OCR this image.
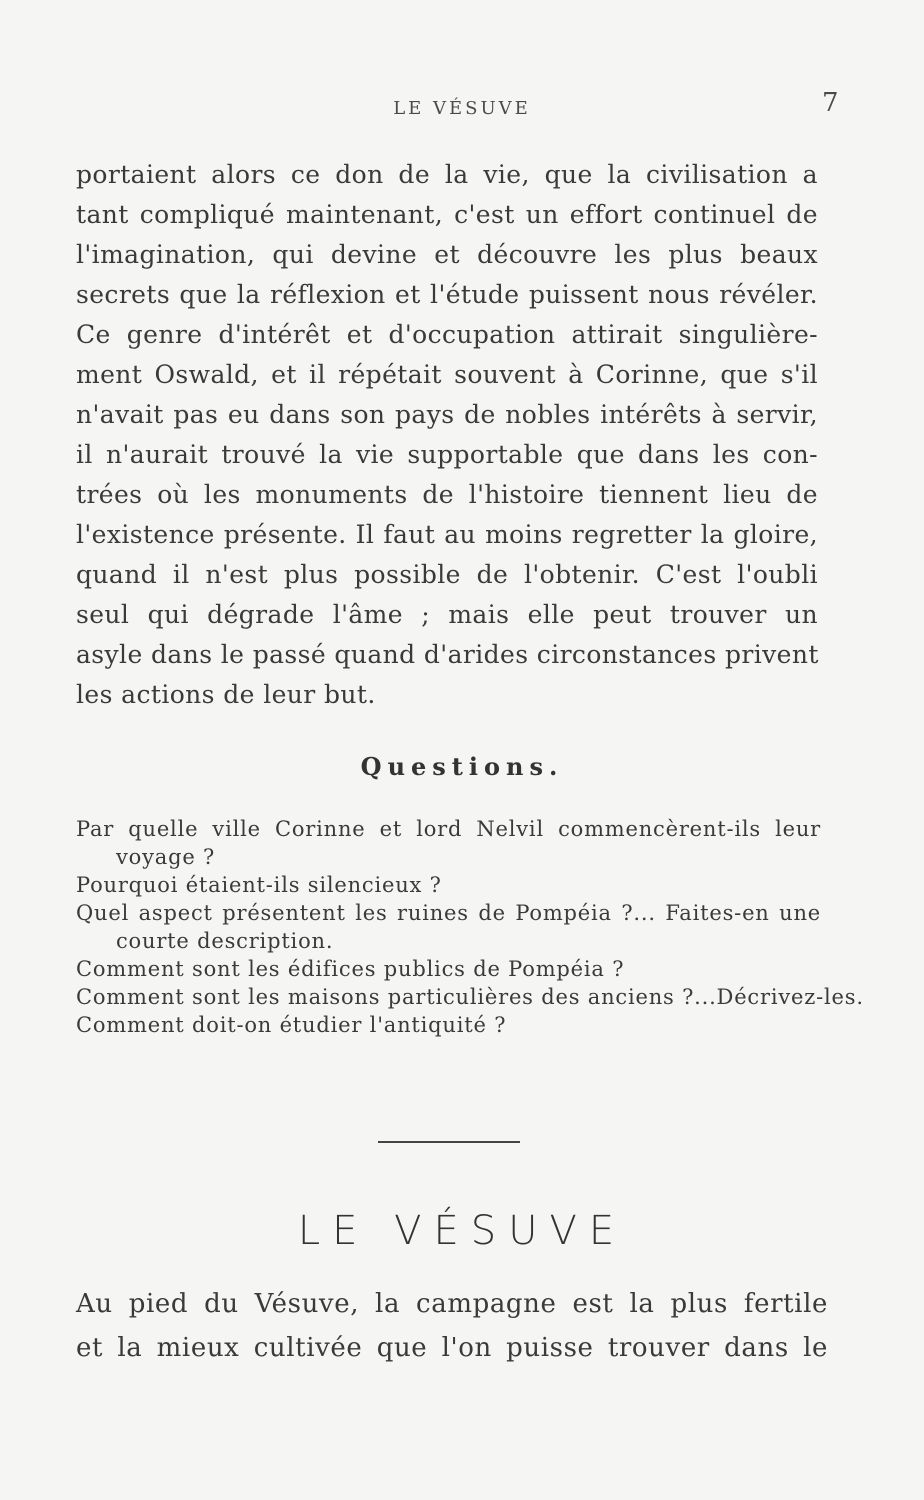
LE VÉSUVE	7
portaient alors ce don de la vie, que la civilisation a
tant compliqué maintenant, c'est un effort continuel de
l'imagination, qui devine et découvre les plus beaux
secrets que la réflexion et l'étude puissent nous révéler.
Ce genre d'intérêt et d'occupation attirait singulière-
ment Oswald, et il répétait souvent à Corinne, que s'il
n'avait pas eu dans son pays de nobles intérêts à servir,
il n'aurait trouvé la vie supportable que dans les con-
trées où les monuments de l'histoire tiennent lieu de
l'existence présente. Il faut au moins regretter la gloire,
quand il n'est plus possible de l'obtenir. C'est l'oubli
seul qui dégrade l'âme ; mais elle peut trouver un
asyle dans le passé quand d'arides circonstances privent
les actions de leur but.
Questions.
Par quelle ville Corinne et lord Nelvil commencèrent-ils leur
voyage ?
Pourquoi étaient-ils silencieux ?
Quel aspect présentent les ruines de Pompéia ?... Faites-en une
courte description.
Comment sont les édifices publics de Pompéia ?
Comment sont les maisons particulières des anciens ?...Décrivez-les.
Comment doit-on étudier l'antiquité ?
LE VÉSUVE
Au pied du Vésuve, la campagne est la plus fertile
et la mieux cultivée que l'on puisse trouver dans le
